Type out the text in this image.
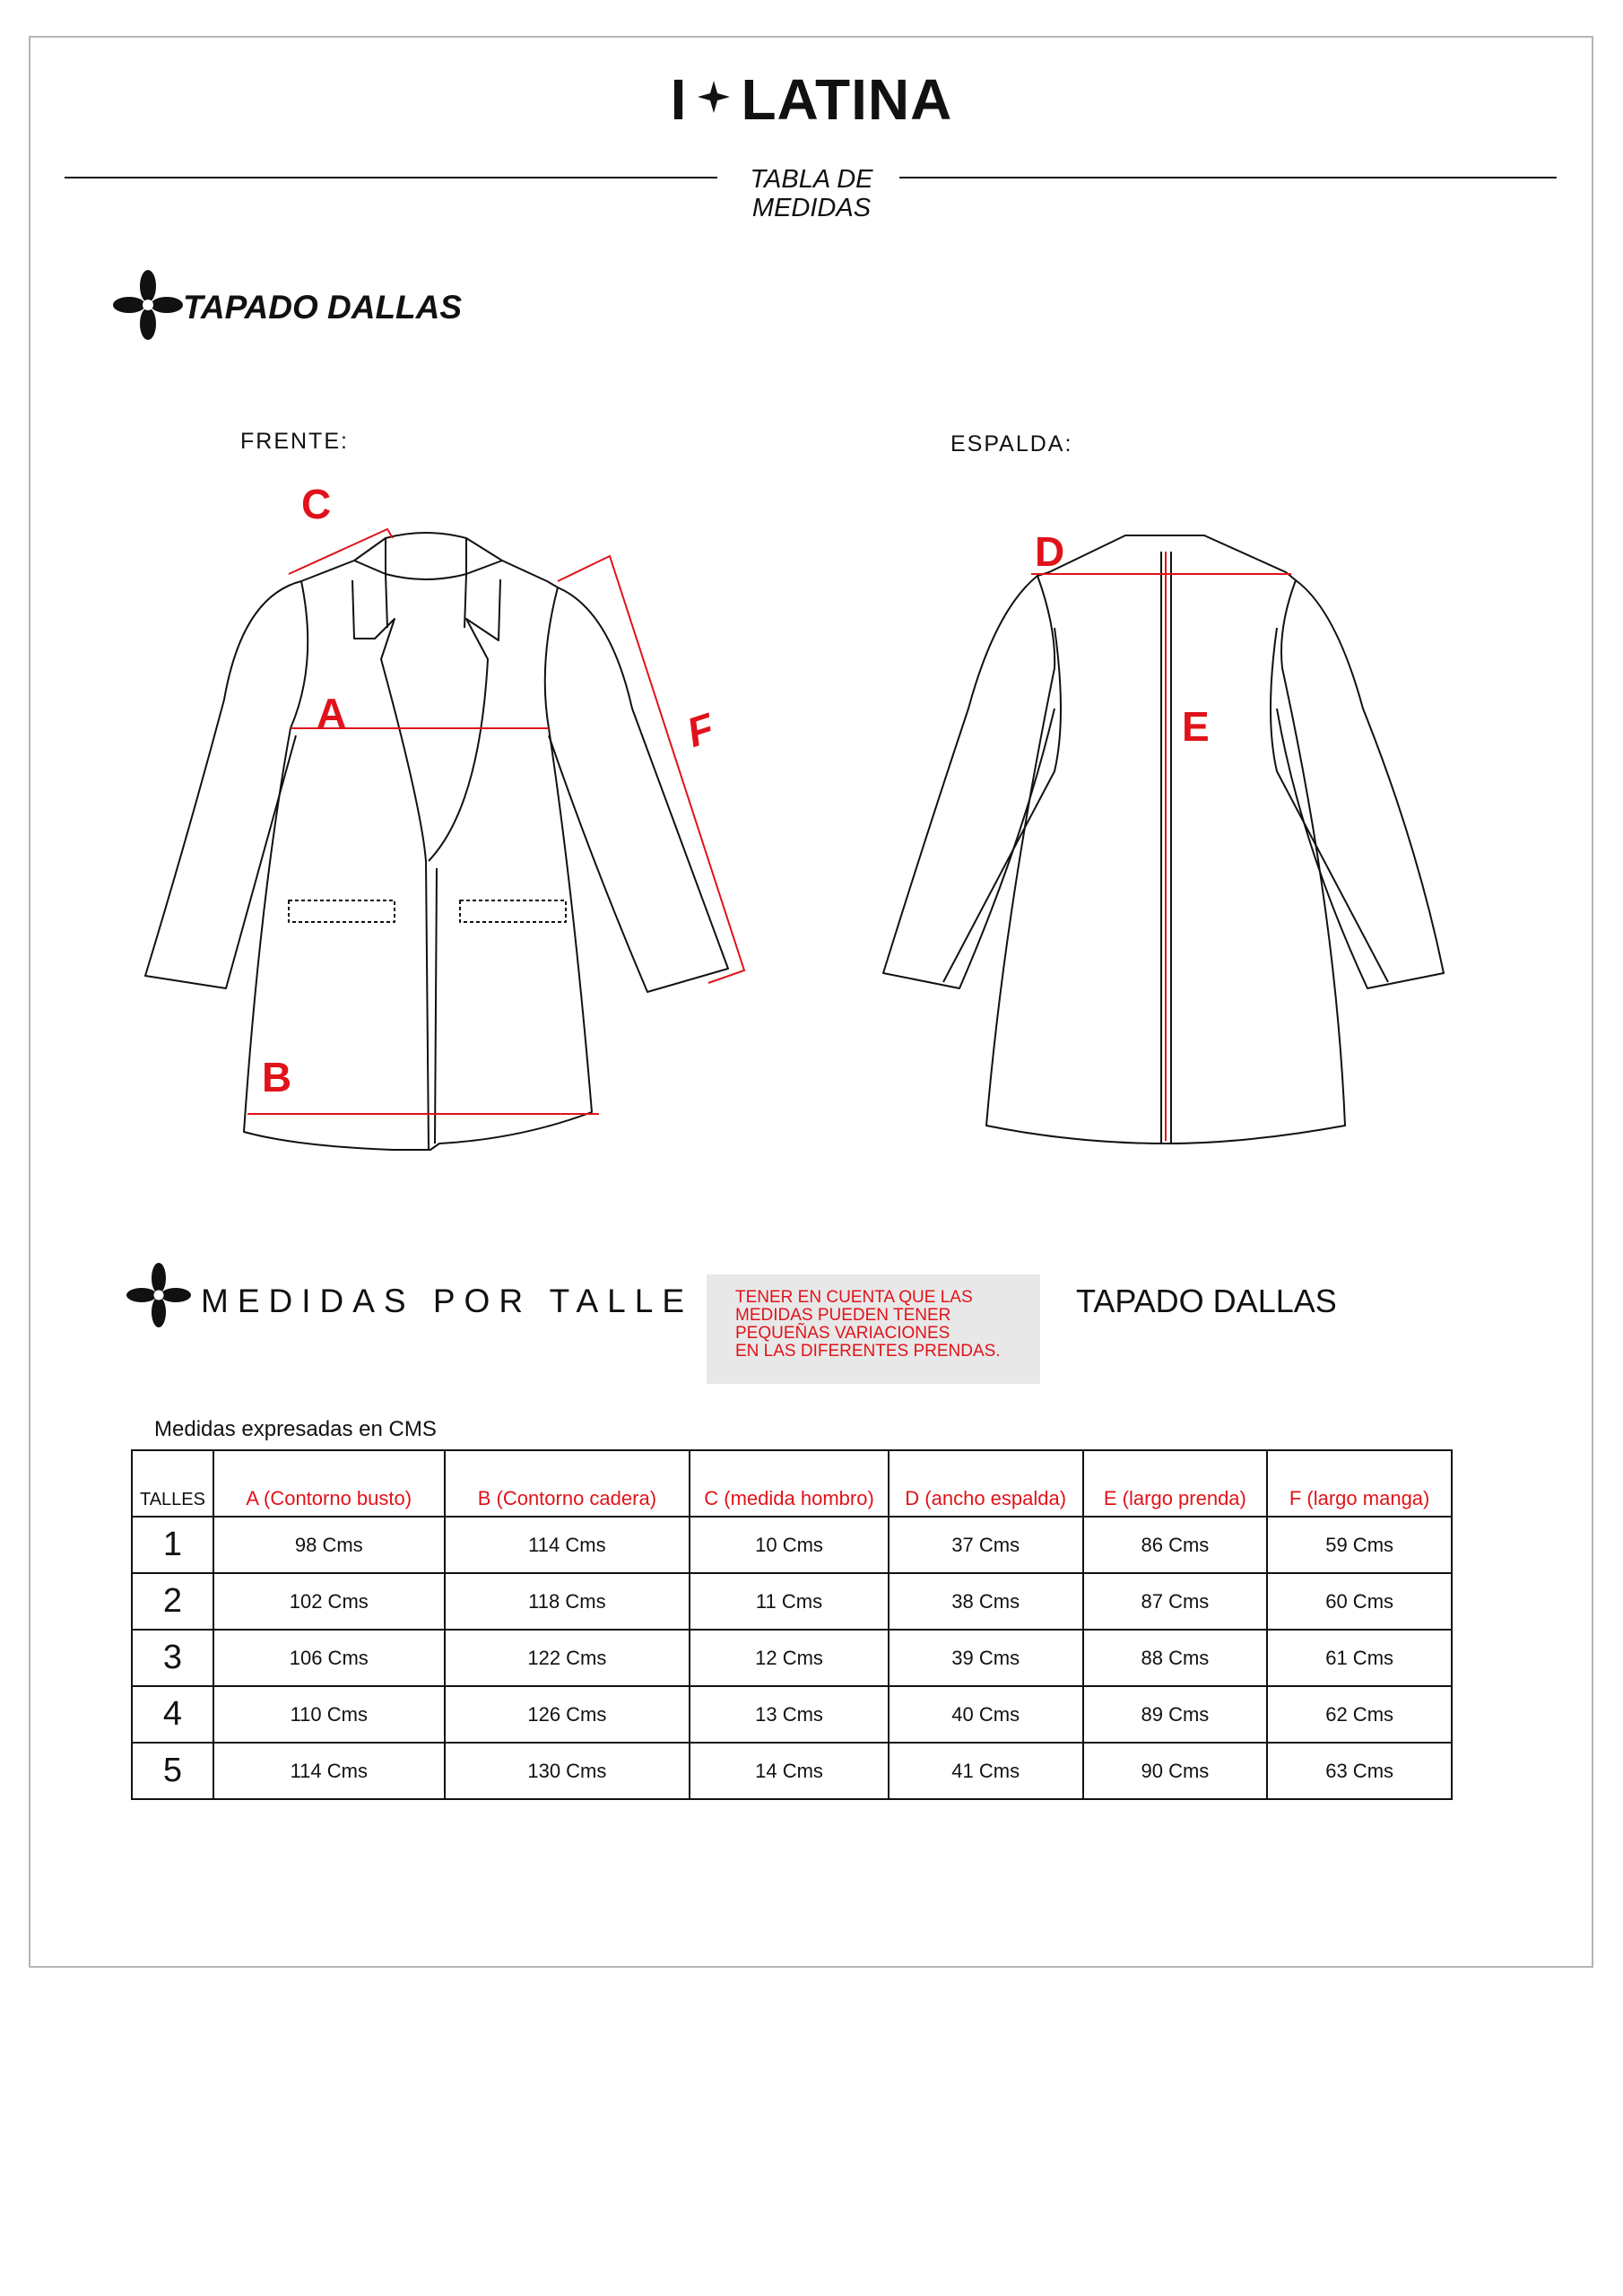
I LATINA
TABLA DE MEDIDAS
TAPADO DALLAS
FRENTE:	ESPALDA:
C
A	F
B
D
E
MEDIDAS POR TALLE TENER EN CUENTA QUE LAS
MEDIDAS PUEDEN TENER
PEQUEÑAS VARIACIONES
EN LAS DIFERENTES PRENDAS.
TAPADO DALLAS
Medidas expresadas en CMS
TALLES	A (Contorno busto)	B (Contorno cadera)	C (medida hombro)	D (ancho espalda)	E (largo prenda)	F (largo manga)
1	98 Cms	114 Cms	10 Cms	37 Cms	86 Cms	59 Cms
2	102 Cms	118 Cms	11 Cms	38 Cms	87 Cms	60 Cms
3	106 Cms	122 Cms	12 Cms	39 Cms	88 Cms	61 Cms
4	110 Cms	126 Cms	13 Cms	40 Cms	89 Cms	62 Cms
5	114 Cms	130 Cms	14 Cms	41 Cms	90 Cms	63 Cms
